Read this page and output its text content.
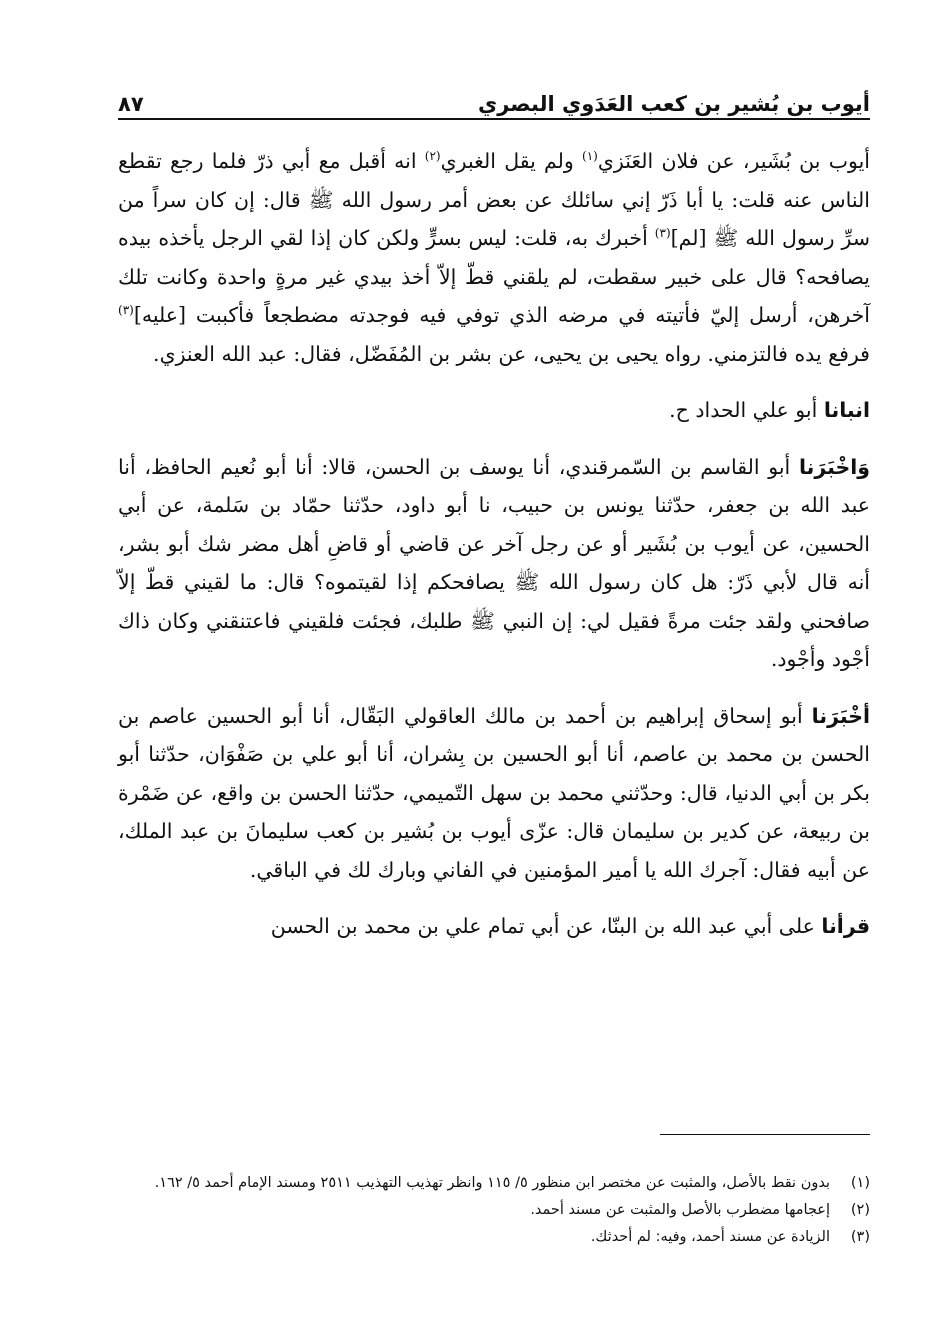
أيوب بن بُشير بن كعب العَدَوي البصري
٨٧

أيوب بن بُشَير، عن فلان العَنَزي$^{(١)}$ ولم يقل الغبري$^{(٢)}$ انه أقبل مع أبي ذرّ فلما رجع تقطع الناس عنه قلت: يا أبا ذَرّ إني سائلك عن بعض أمر رسول الله ﷺ قال: إن كان سراً من سرِّ رسول الله ﷺ [لم]$^{(٣)}$ أخبرك به، قلت: ليس بسرٍّ ولكن كان إذا لقي الرجل يأخذه بيده يصافحه؟ قال على خبير سقطت، لم يلقني قطّ إلاّ أخذ بيدي غير مرةٍ واحدة وكانت تلك آخرهن، أرسل إليّ فأتيته في مرضه الذي توفي فيه فوجدته مضطجعاً فأكببت [عليه]$^{(٣)}$ فرفع يده فالتزمني. رواه يحيى بن يحيى، عن بشر بن المُفَضّل، فقال: عبد الله العنزي.

انبانا أبو علي الحداد ح.

وَاخْبَرَنا أبو القاسم بن السّمرقندي، أنا يوسف بن الحسن، قالا: أنا أبو نُعيم الحافظ، أنا عبد الله بن جعفر، حدّثنا يونس بن حبيب، نا أبو داود، حدّثنا حمّاد بن سَلمة، عن أبي الحسين، عن أيوب بن بُشَير أو عن رجل آخر عن قاضي أو قاضِ أهل مضر شك أبو بشر، أنه قال لأبي ذَرّ: هل كان رسول الله ﷺ يصافحكم إذا لقيتموه؟ قال: ما لقيني قطّ إلاّ صافحني ولقد جئت مرةً فقيل لي: إن النبي ﷺ طلبك، فجئت فلقيني فاعتنقني وكان ذاك أجْود وأجْود.

أخْبَرَنا أبو إسحاق إبراهيم بن أحمد بن مالك العاقولي البَقّال، أنا أبو الحسين عاصم بن الحسن بن محمد بن عاصم، أنا أبو الحسين بن بِشران، أنا أبو علي بن صَفْوَان، حدّثنا أبو بكر بن أبي الدنيا، قال: وحدّثني محمد بن سهل التّميمي، حدّثنا الحسن بن واقع، عن ضَمْرة بن ربيعة، عن كدير بن سليمان قال: عزّى أيوب بن بُشير بن كعب سليمانَ بن عبد الملك، عن أبيه فقال: آجرك الله يا أمير المؤمنين في الفاني وبارك لك في الباقي.

قرأنا على أبي عبد الله بن البنّا، عن أبي تمام علي بن محمد بن الحسن

(١)
بدون نقط بالأصل، والمثبت عن مختصر ابن منظور ٥/ ١١٥ وانظر تهذيب التهذيب ٢٥١١ ومسند الإمام أحمد ٥/ ١٦٢.
(٢)
إعجامها مضطرب بالأصل والمثبت عن مسند أحمد.
(٣)
الزيادة عن مسند أحمد، وفيه: لم أحدثك.
